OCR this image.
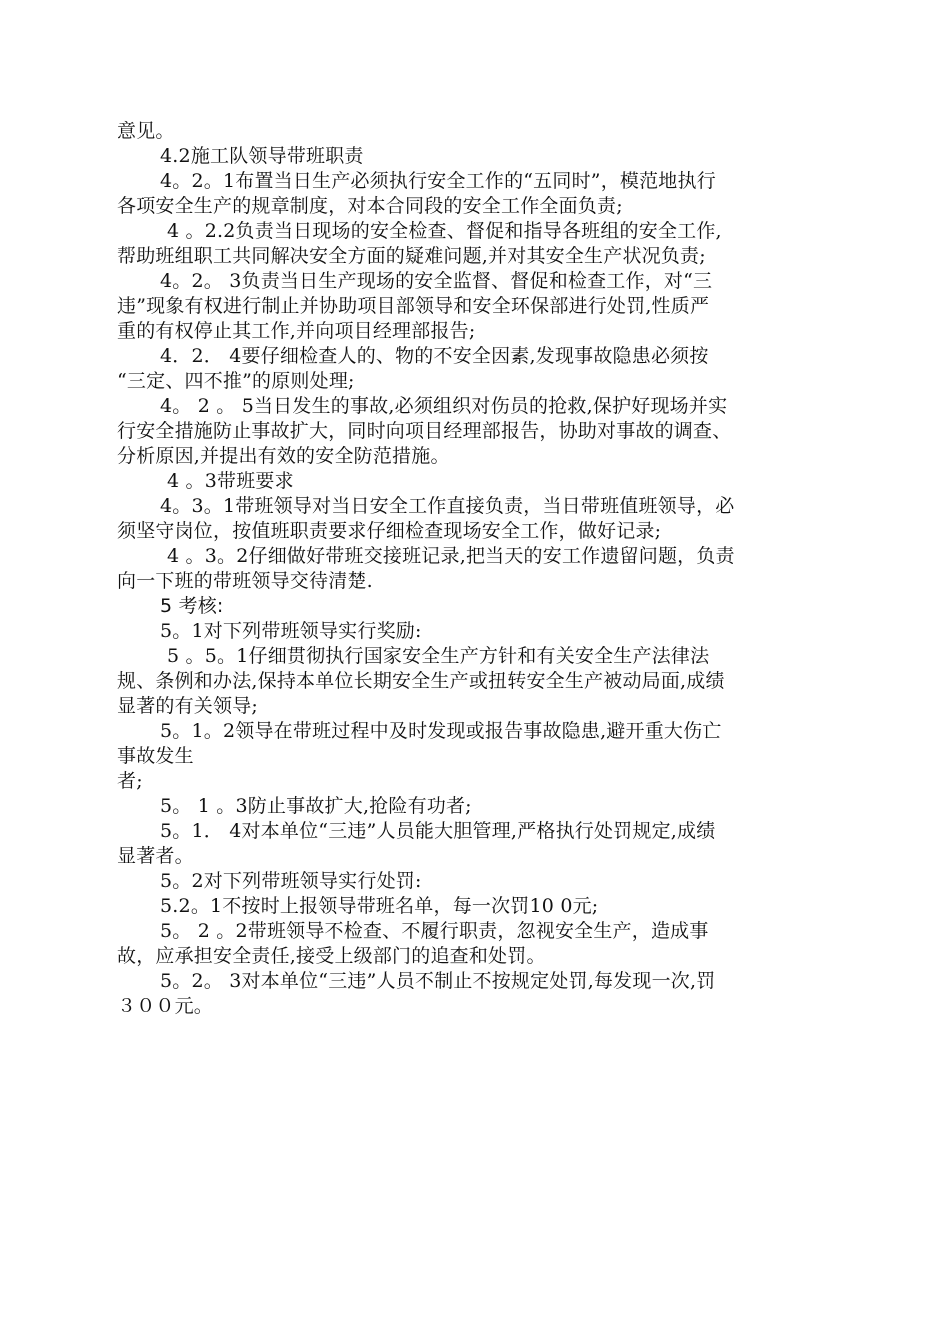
意见。
4.2施工队领导带班职责
4。2。1布置当日生产必须执行安全工作的“五同时”，模范地执行
各项安全生产的规章制度，对本合同段的安全工作全面负责;
4 。2.2负责当日现场的安全检查、督促和指导各班组的安全工作,
帮助班组职工共同解决安全方面的疑难问题,并对其安全生产状况负责;
4。2。 3负责当日生产现场的安全监督、督促和检查工作，对“三
违”现象有权进行制止并协助项目部领导和安全环保部进行处罚,性质严
重的有权停止其工作,并向项目经理部报告;
4．2． 4要仔细检查人的、物的不安全因素,发现事故隐患必须按
“三定、四不推”的原则处理;
4。 2 。 5当日发生的事故,必须组织对伤员的抢救,保护好现场并实
行安全措施防止事故扩大，同时向项目经理部报告，协助对事故的调查、
分析原因,并提出有效的安全防范措施。
4 。3带班要求
4。3。1带班领导对当日安全工作直接负责，当日带班值班领导，必
须坚守岗位，按值班职责要求仔细检查现场安全工作，做好记录;
4 。3。2仔细做好带班交接班记录,把当天的安工作遗留问题，负责
向一下班的带班领导交待清楚.
5 考核:
5。1对下列带班领导实行奖励:
5 。5。1仔细贯彻执行国家安全生产方针和有关安全生产法律法
规、条例和办法,保持本单位长期安全生产或扭转安全生产被动局面,成绩
显著的有关领导;
5。1。2领导在带班过程中及时发现或报告事故隐患,避开重大伤亡
事故发生
者;
5。 1 。3防止事故扩大,抢险有功者;
5。1． 4对本单位“三违”人员能大胆管理,严格执行处罚规定,成绩
显著者。
5。2对下列带班领导实行处罚:
5.2。1不按时上报领导带班名单，每一次罚10 0元;
5。 2 。2带班领导不检查、不履行职责，忽视安全生产，造成事
故，应承担安全责任,接受上级部门的追查和处罚。
5。2。 3对本单位“三违”人员不制止不按规定处罚,每发现一次,罚
３００元。
